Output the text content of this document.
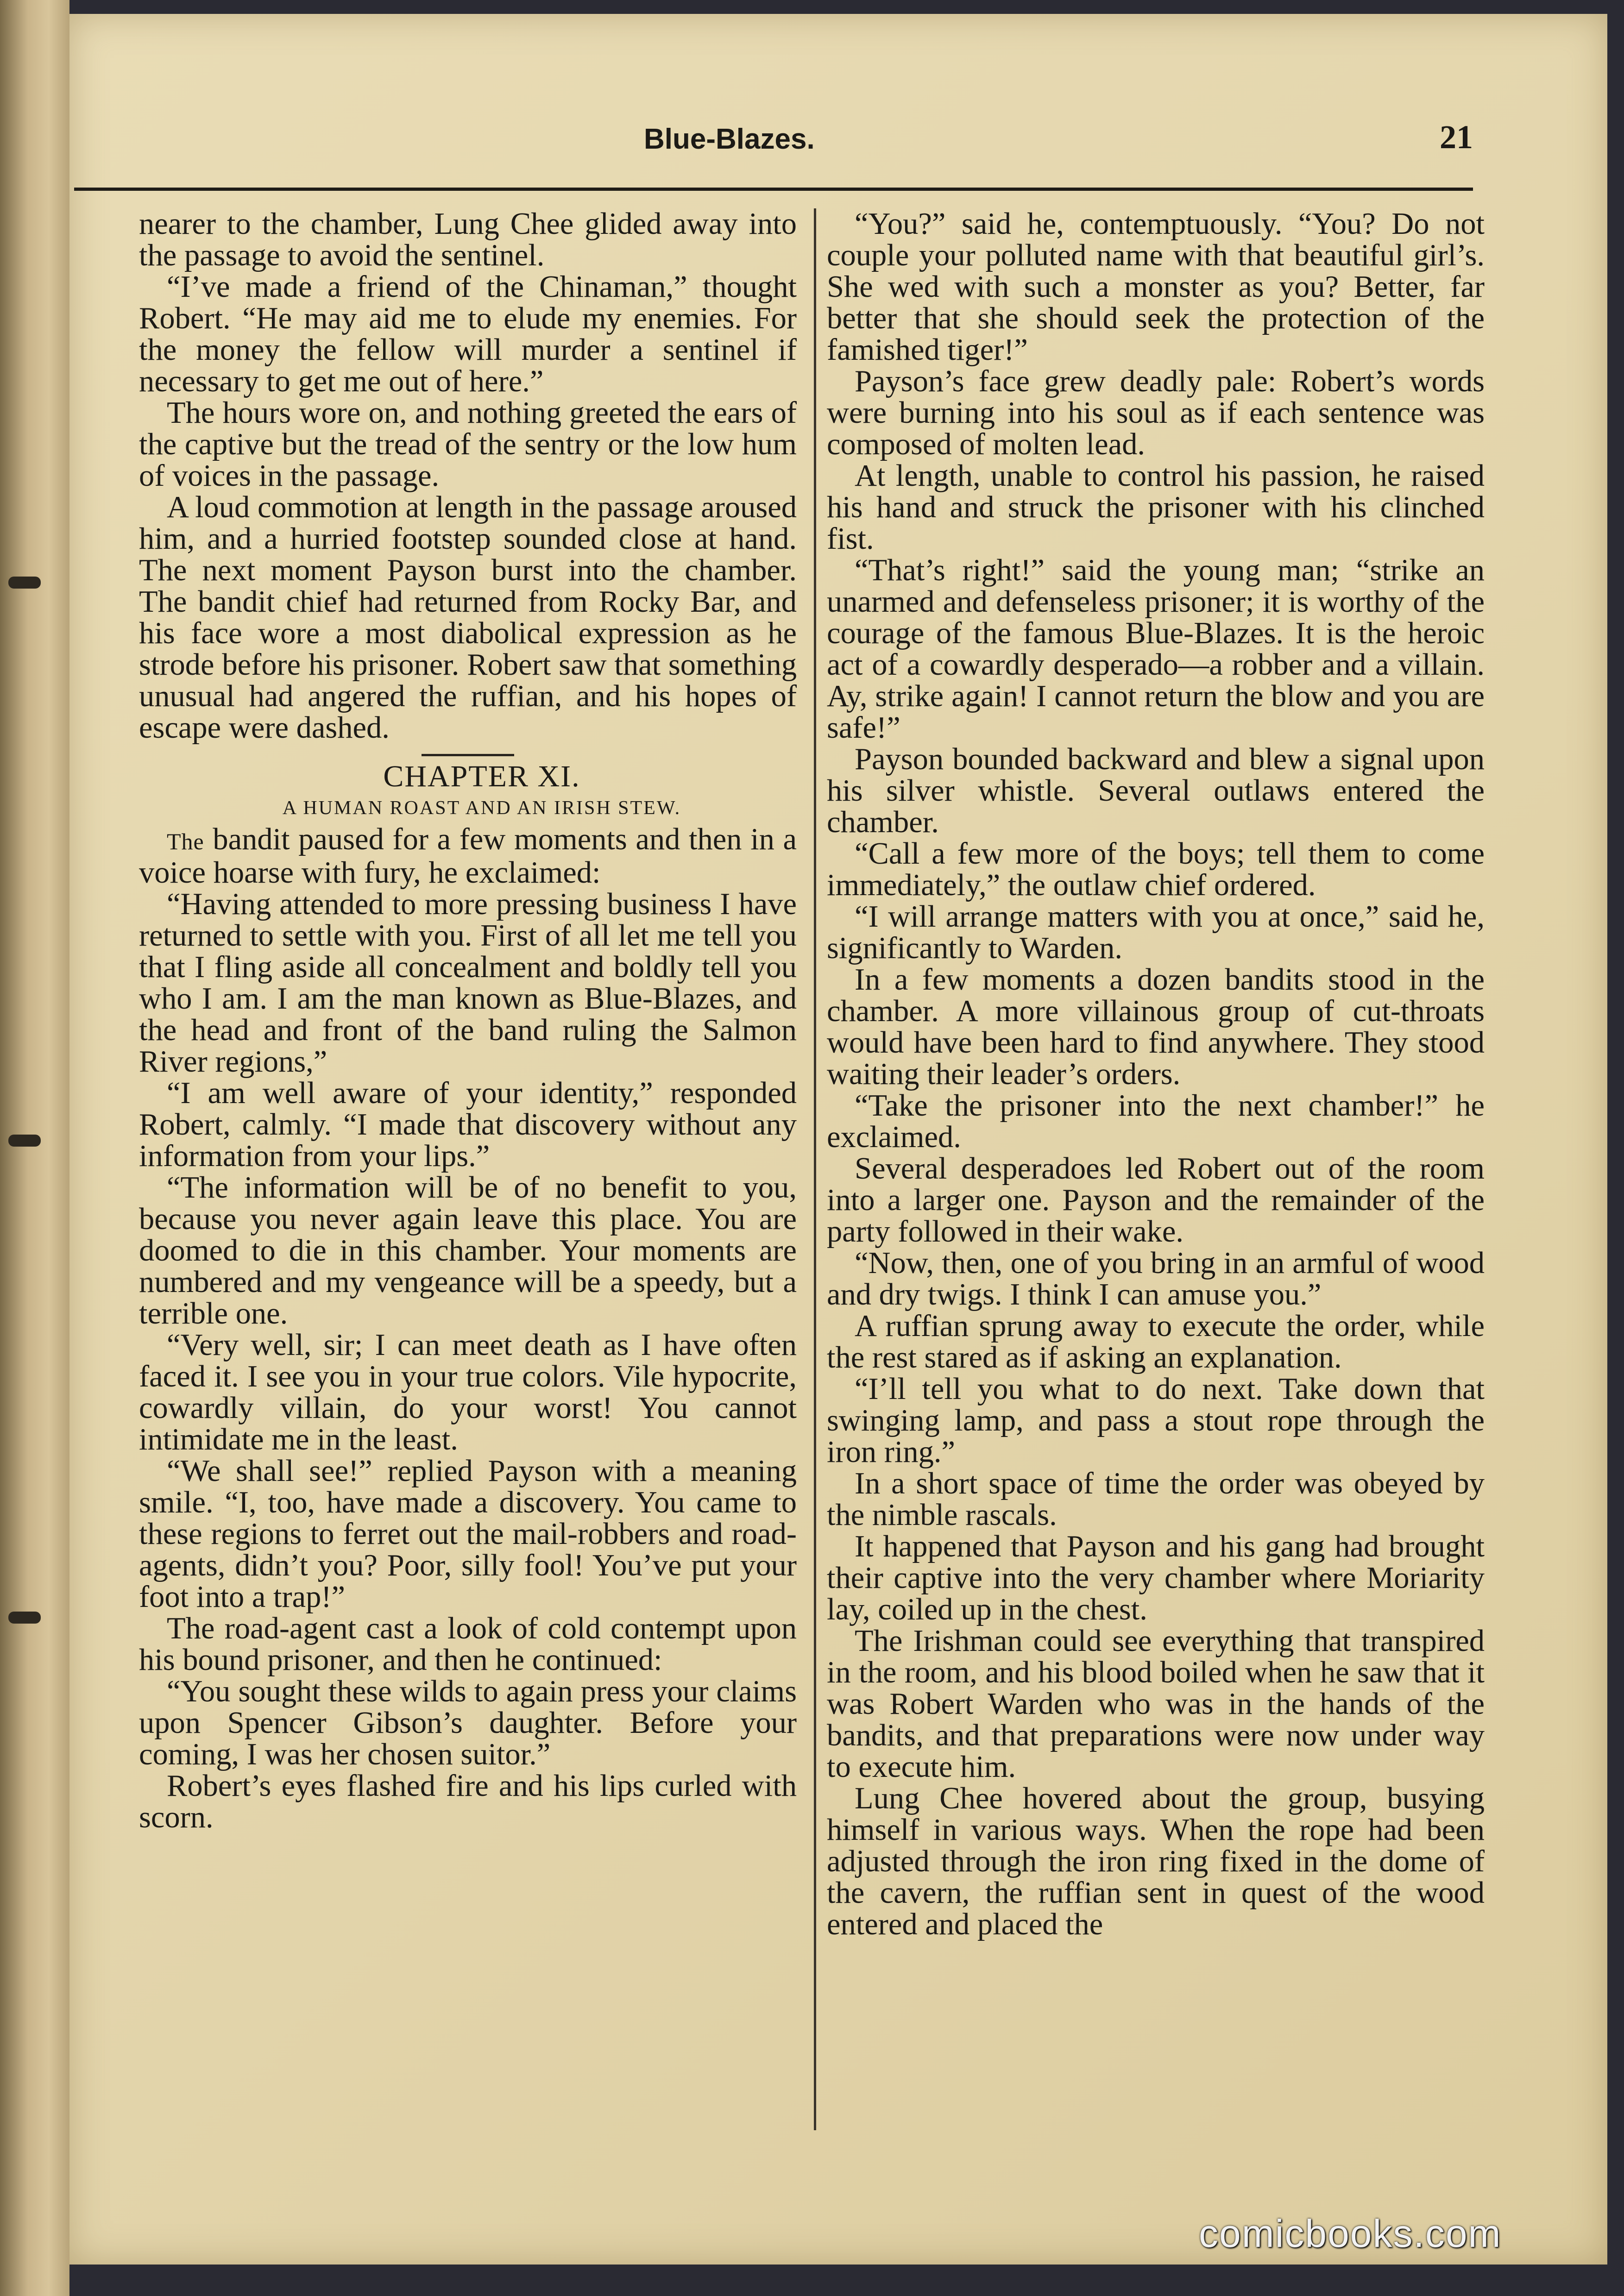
Blue-Blazes.	21

nearer to the chamber, Lung Chee glided away into the passage to avoid the sentinel.

“I’ve made a friend of the Chinaman,” thought Robert. “He may aid me to elude my enemies. For the money the fellow will murder a sentinel if necessary to get me out of here.”

The hours wore on, and nothing greeted the ears of the captive but the tread of the sentry or the low hum of voices in the passage.

A loud commotion at length in the passage aroused him, and a hurried footstep sounded close at hand. The next moment Payson burst into the chamber. The bandit chief had returned from Rocky Bar, and his face wore a most diabolical expression as he strode before his prisoner. Robert saw that something unusual had angered the ruffian, and his hopes of escape were dashed.

CHAPTER XI.

A HUMAN ROAST AND AN IRISH STEW.

The bandit paused for a few moments and then in a voice hoarse with fury, he exclaimed:

“Having attended to more pressing business I have returned to settle with you. First of all let me tell you that I fling aside all concealment and boldly tell you who I am. I am the man known as Blue-Blazes, and the head and front of the band ruling the Salmon River regions,”

“I am well aware of your identity,” responded Robert, calmly. “I made that discovery without any information from your lips.”

“The information will be of no benefit to you, because you never again leave this place. You are doomed to die in this chamber. Your moments are numbered and my vengeance will be a speedy, but a terrible one.

“Very well, sir; I can meet death as I have often faced it. I see you in your true colors. Vile hypocrite, cowardly villain, do your worst! You cannot intimidate me in the least.

“We shall see!” replied Payson with a meaning smile. “I, too, have made a discovery. You came to these regions to ferret out the mail-robbers and road-agents, didn’t you? Poor, silly fool! You’ve put your foot into a trap!”

The road-agent cast a look of cold contempt upon his bound prisoner, and then he continued:

“You sought these wilds to again press your claims upon Spencer Gibson’s daughter. Before your coming, I was her chosen suitor.”

Robert’s eyes flashed fire and his lips curled with scorn.

“You?” said he, contemptuously. “You? Do not couple your polluted name with that beautiful girl’s. She wed with such a monster as you? Better, far better that she should seek the protection of the famished tiger!”

Payson’s face grew deadly pale: Robert’s words were burning into his soul as if each sentence was composed of molten lead.

At length, unable to control his passion, he raised his hand and struck the prisoner with his clinched fist.

“That’s right!” said the young man; “strike an unarmed and defenseless prisoner; it is worthy of the courage of the famous Blue-Blazes. It is the heroic act of a cowardly desperado—a robber and a villain. Ay, strike again! I cannot return the blow and you are safe!”

Payson bounded backward and blew a signal upon his silver whistle. Several outlaws entered the chamber.

“Call a few more of the boys; tell them to come immediately,” the outlaw chief ordered.

“I will arrange matters with you at once,” said he, significantly to Warden.

In a few moments a dozen bandits stood in the chamber. A more villainous group of cut-throats would have been hard to find anywhere. They stood waiting their leader’s orders.

“Take the prisoner into the next chamber!” he exclaimed.

Several desperadoes led Robert out of the room into a larger one. Payson and the remainder of the party followed in their wake.

“Now, then, one of you bring in an armful of wood and dry twigs. I think I can amuse you.”

A ruffian sprung away to execute the order, while the rest stared as if asking an explanation.

“I’ll tell you what to do next. Take down that swinging lamp, and pass a stout rope through the iron ring.”

In a short space of time the order was obeyed by the nimble rascals.

It happened that Payson and his gang had brought their captive into the very chamber where Moriarity lay, coiled up in the chest.

The Irishman could see everything that transpired in the room, and his blood boiled when he saw that it was Robert Warden who was in the hands of the bandits, and that preparations were now under way to execute him.

Lung Chee hovered about the group, busying himself in various ways. When the rope had been adjusted through the iron ring fixed in the dome of the cavern, the ruffian sent in quest of the wood entered and placed the

comicbooks.com
